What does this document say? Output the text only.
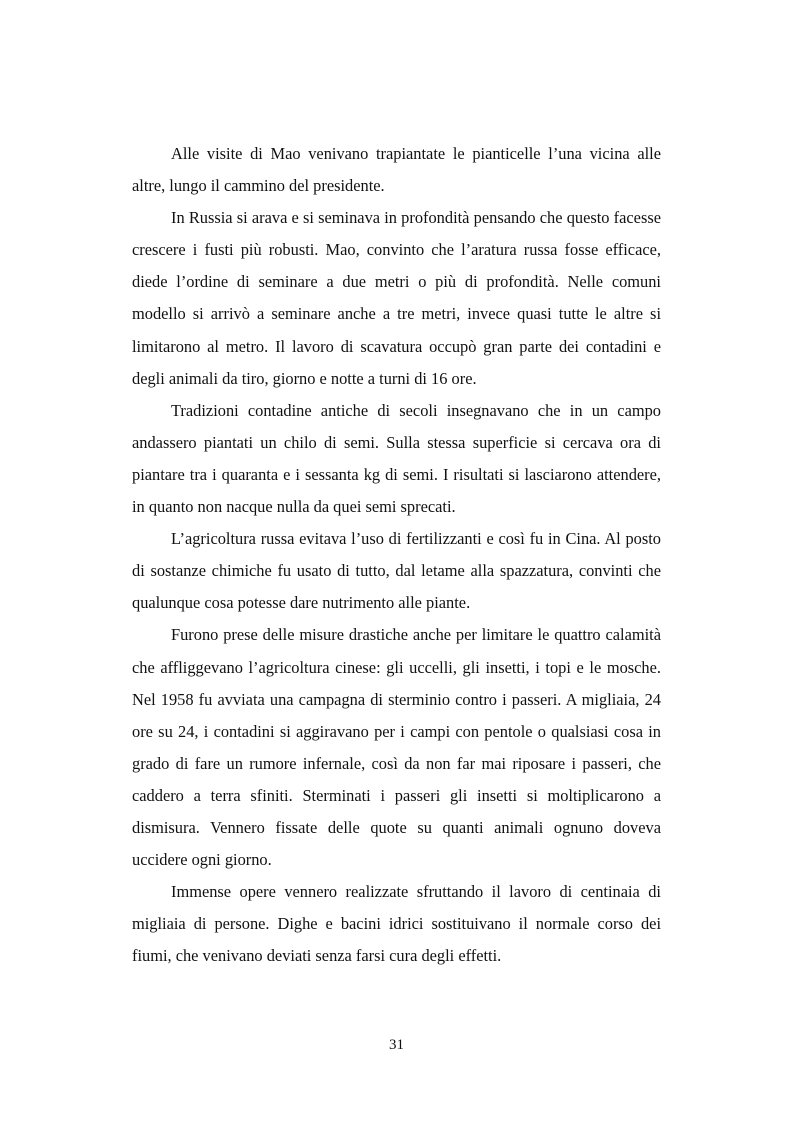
Alle visite di Mao venivano trapiantate le pianticelle l’una vicina alle altre, lungo il cammino del presidente.

In Russia si arava e si seminava in profondità pensando che questo facesse crescere i fusti più robusti. Mao, convinto che l’aratura russa fosse efficace, diede l’ordine di seminare a due metri o più di profondità. Nelle comuni modello si arrivò a seminare anche a tre metri, invece quasi tutte le altre si limitarono al metro. Il lavoro di scavatura occupò gran parte dei contadini e degli animali da tiro, giorno e notte a turni di 16 ore.

Tradizioni contadine antiche di secoli insegnavano che in un campo andassero piantati un chilo di semi. Sulla stessa superficie si cercava ora di piantare tra i quaranta e i sessanta kg di semi. I risultati si lasciarono attendere, in quanto non nacque nulla da quei semi sprecati.

L’agricoltura russa evitava l’uso di fertilizzanti e così fu in Cina. Al posto di sostanze chimiche fu usato di tutto, dal letame alla spazzatura, convinti che qualunque cosa potesse dare nutrimento alle piante.

Furono prese delle misure drastiche anche per limitare le quattro calamità che affliggevano l’agricoltura cinese: gli uccelli, gli insetti, i topi e le mosche. Nel 1958 fu avviata una campagna di sterminio contro i passeri. A migliaia, 24 ore su 24, i contadini si aggiravano per i campi con pentole o qualsiasi cosa in grado di fare un rumore infernale, così da non far mai riposare i passeri, che caddero a terra sfiniti. Sterminati i passeri gli insetti si moltiplicarono a dismisura. Vennero fissate delle quote su quanti animali ognuno doveva uccidere ogni giorno.

Immense opere vennero realizzate sfruttando il lavoro di centinaia di migliaia di persone. Dighe e bacini idrici sostituivano il normale corso dei fiumi, che venivano deviati senza farsi cura degli effetti.

31
